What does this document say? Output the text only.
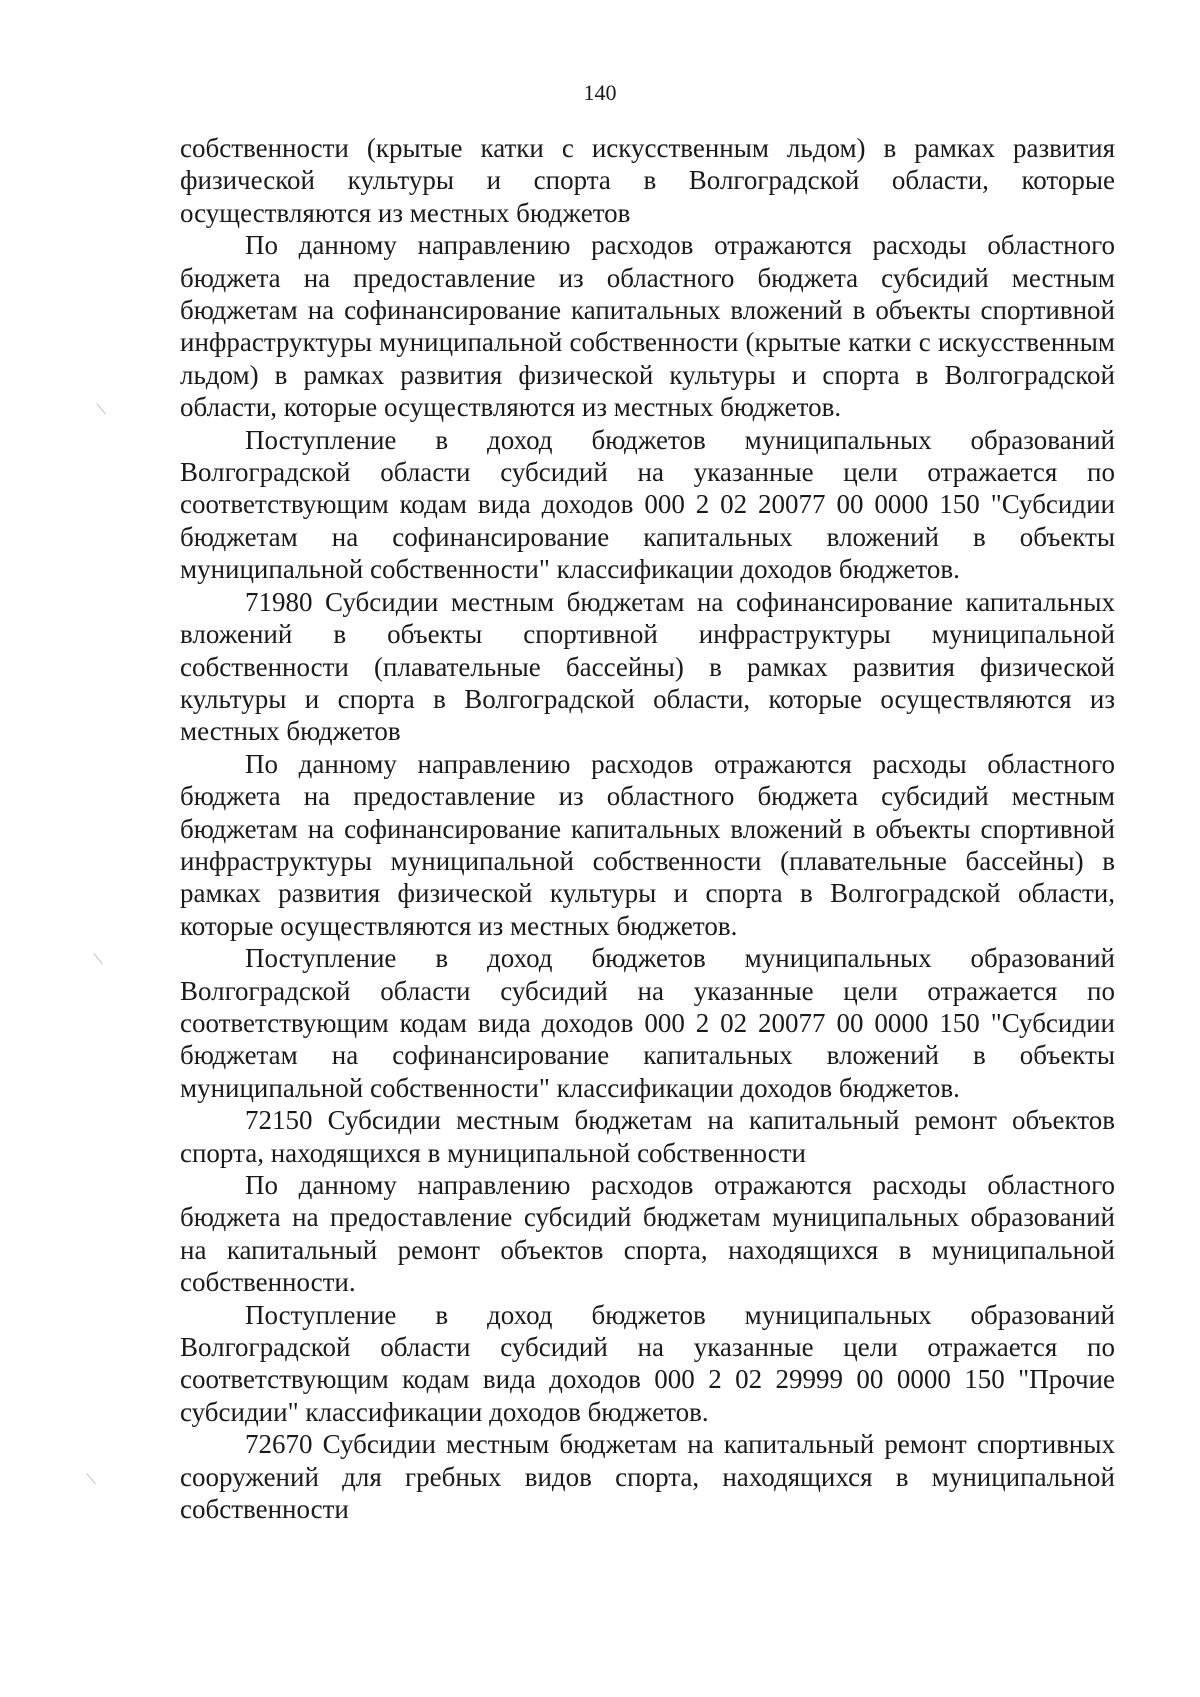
140

собственности (крытые катки с искусственным льдом) в рамках развития физической культуры и спорта в Волгоградской области, которые осуществляются из местных бюджетов

По данному направлению расходов отражаются расходы областного бюджета на предоставление из областного бюджета субсидий местным бюджетам на софинансирование капитальных вложений в объекты спортивной инфраструктуры муниципальной собственности (крытые катки с искусственным льдом) в рамках развития физической культуры и спорта в Волгоградской области, которые осуществляются из местных бюджетов.

Поступление в доход бюджетов муниципальных образований Волгоградской области субсидий на указанные цели отражается по соответствующим кодам вида доходов 000 2 02 20077 00 0000 150 "Субсидии бюджетам на софинансирование капитальных вложений в объекты муниципальной собственности" классификации доходов бюджетов.

71980 Субсидии местным бюджетам на софинансирование капитальных вложений в объекты спортивной инфраструктуры муниципальной собственности (плавательные бассейны) в рамках развития физической культуры и спорта в Волгоградской области, которые осуществляются из местных бюджетов

По данному направлению расходов отражаются расходы областного бюджета на предоставление из областного бюджета субсидий местным бюджетам на софинансирование капитальных вложений в объекты спортивной инфраструктуры муниципальной собственности (плавательные бассейны) в рамках развития физической культуры и спорта в Волгоградской области, которые осуществляются из местных бюджетов.

Поступление в доход бюджетов муниципальных образований Волгоградской области субсидий на указанные цели отражается по соответствующим кодам вида доходов 000 2 02 20077 00 0000 150 "Субсидии бюджетам на софинансирование капитальных вложений в объекты муниципальной собственности" классификации доходов бюджетов.

72150 Субсидии местным бюджетам на капитальный ремонт объектов спорта, находящихся в муниципальной собственности

По данному направлению расходов отражаются расходы областного бюджета на предоставление субсидий бюджетам муниципальных образований на капитальный ремонт объектов спорта, находящихся в муниципальной собственности.

Поступление в доход бюджетов муниципальных образований Волгоградской области субсидий на указанные цели отражается по соответствующим кодам вида доходов 000 2 02 29999 00 0000 150 "Прочие субсидии" классификации доходов бюджетов.

72670 Субсидии местным бюджетам на капитальный ремонт спортивных сооружений для гребных видов спорта, находящихся в муниципальной собственности
